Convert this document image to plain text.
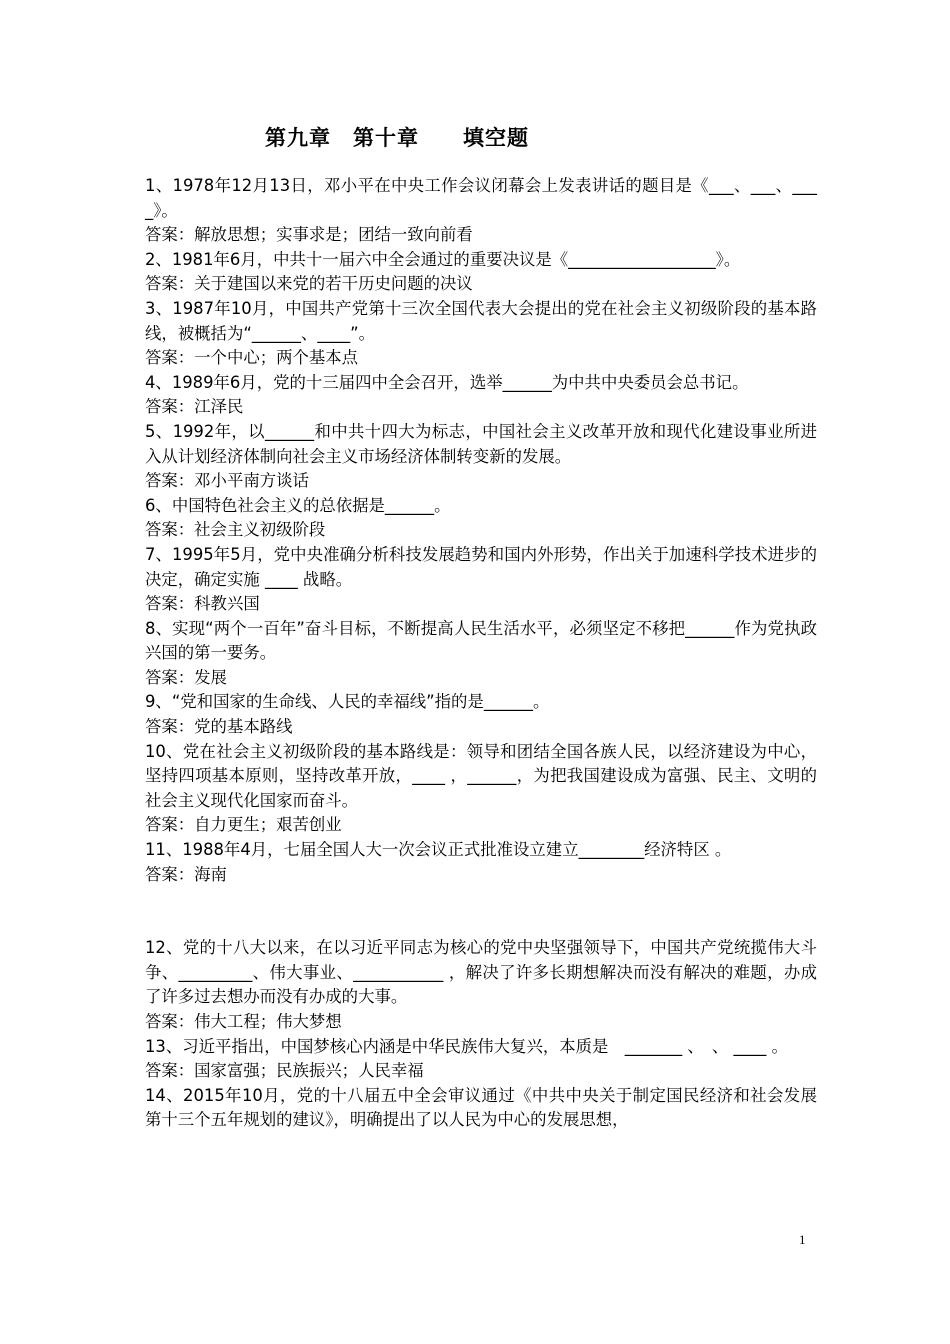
第九章　第十章　　填空题

1、1978年12月13日，邓小平在中央工作会议闭幕会上发表讲话的题目是《___、___、____》。

答案：解放思想；实事求是；团结一致向前看

2、1981年6月，中共十一届六中全会通过的重要决议是《__________________》。

答案：关于建国以来党的若干历史问题的决议

3、1987年10月，中国共产党第十三次全国代表大会提出的党在社会主义初级阶段的基本路线，被概括为“______、____”。

答案：一个中心；两个基本点

4、1989年6月，党的十三届四中全会召开，选举______为中共中央委员会总书记。

答案：江泽民

5、1992年，以______和中共十四大为标志，中国社会主义改革开放和现代化建设事业所进入从计划经济体制向社会主义市场经济体制转变新的发展。

答案：邓小平南方谈话

6、中国特色社会主义的总依据是______。

答案：社会主义初级阶段

7、1995年5月，党中央准确分析科技发展趋势和国内外形势，作出关于加速科学技术进步的决定，确定实施 ____ 战略。

答案：科教兴国

8、实现“两个一百年”奋斗目标，不断提高人民生活水平，必须坚定不移把______作为党执政兴国的第一要务。

答案：发展

9、“党和国家的生命线、人民的幸福线”指的是______。

答案：党的基本路线

10、党在社会主义初级阶段的基本路线是：领导和团结全国各族人民，以经济建设为中心，坚持四项基本原则，坚持改革开放，____ ，______，为把我国建设成为富强、民主、文明的社会主义现代化国家而奋斗。

答案：自力更生；艰苦创业

11、1988年4月，七届全国人大一次会议正式批准设立建立________经济特区 。

答案：海南

12、党的十八大以来，在以习近平同志为核心的党中央坚强领导下，中国共产党统揽伟大斗争、_________、伟大事业、___________ ，解决了许多长期想解决而没有解决的难题，办成了许多过去想办而没有办成的大事。

答案：伟大工程；伟大梦想

13、习近平指出，中国梦核心内涵是中华民族伟大复兴，本质是　_______ 、　、 ____ 。

答案：国家富强；民族振兴；人民幸福

14、2015年10月，党的十八届五中全会审议通过《中共中央关于制定国民经济和社会发展第十三个五年规划的建议》，明确提出了以人民为中心的发展思想，

1
